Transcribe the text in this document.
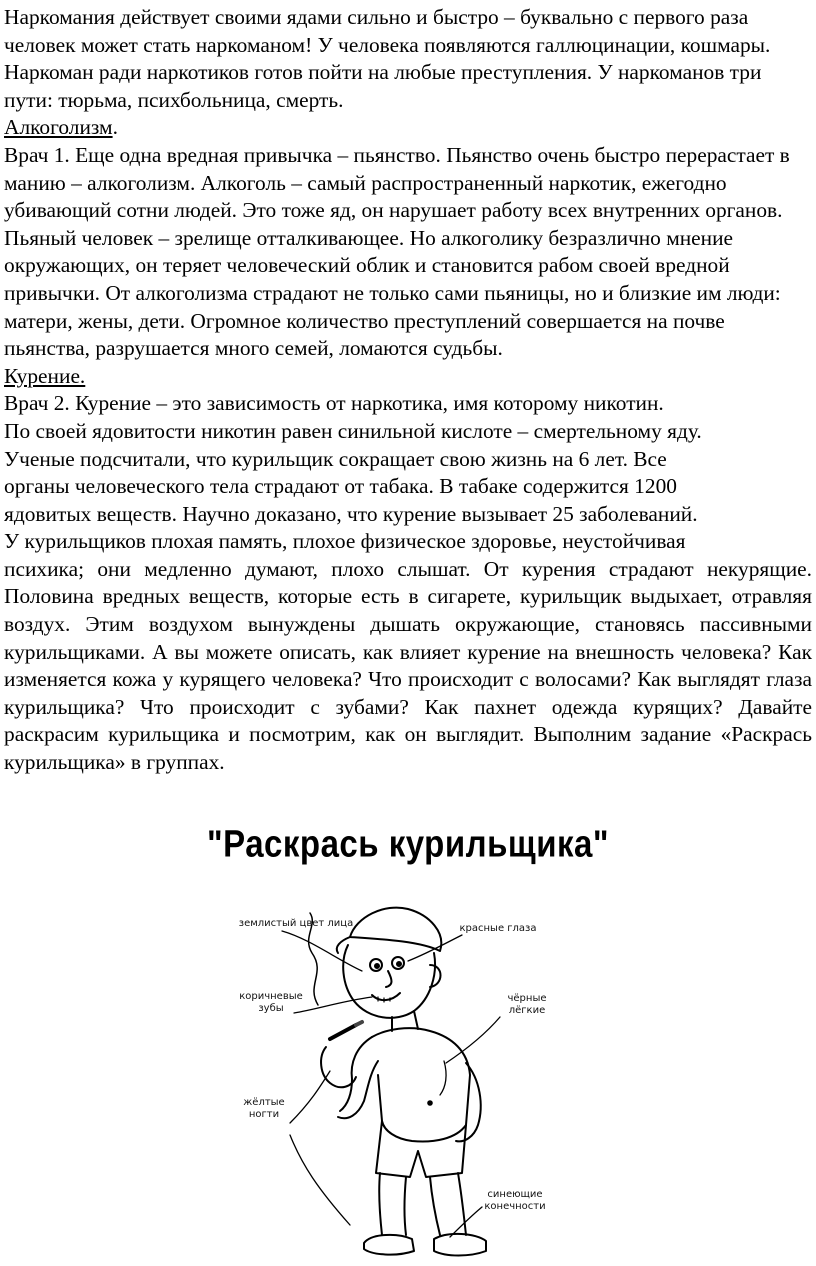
Наркомания действует своими ядами сильно и быстро – буквально с первого раза человек может стать наркоманом! У человека появляются галлюцинации, кошмары. Наркоман ради наркотиков готов пойти на любые преступления. У наркоманов три пути: тюрьма, психбольница, смерть.

Алкоголизм.

Врач 1. Еще одна вредная привычка – пьянство. Пьянство очень быстро перерастает в манию – алкоголизм. Алкоголь – самый распространенный наркотик, ежегодно убивающий сотни людей. Это тоже яд, он нарушает работу всех внутренних органов. Пьяный человек – зрелище отталкивающее. Но алкоголику безразлично мнение окружающих, он теряет человеческий облик и становится рабом своей вредной привычки. От алкоголизма страдают не только сами пьяницы, но и близкие им люди: матери, жены, дети. Огромное количество преступлений совершается на почве пьянства, разрушается много семей, ломаются судьбы.

Курение.

Врач 2. Курение – это зависимость от наркотика, имя которому никотин.

По своей ядовитости никотин равен синильной кислоте – смертельному яду.

Ученые подсчитали, что курильщик сокращает свою жизнь на 6 лет. Все

органы человеческого тела страдают от табака. В табаке содержится 1200

ядовитых веществ. Научно доказано, что курение вызывает 25 заболеваний.

У курильщиков плохая память, плохое физическое здоровье, неустойчивая

психика; они медленно думают, плохо слышат. От курения страдают некурящие. Половина вредных веществ, которые есть в сигарете, курильщик выдыхает, отравляя воздух. Этим воздухом вынуждены дышать окружающие, становясь пассивными курильщиками. А вы можете описать, как влияет курение на внешность человека? Как изменяется кожа у курящего человека? Что происходит с волосами? Как выглядят глаза курильщика? Что происходит с зубами? Как пахнет одежда курящих? Давайте раскрасим курильщика и посмотрим, как он выглядит. Выполним задание «Раскрась курильщика» в группах.

"Раскрась курильщика"
землистый цвет лица	красные глаза
коричневые
зубы
чёрные
лёгкие
жёлтые
ногти
синеющие
конечности
